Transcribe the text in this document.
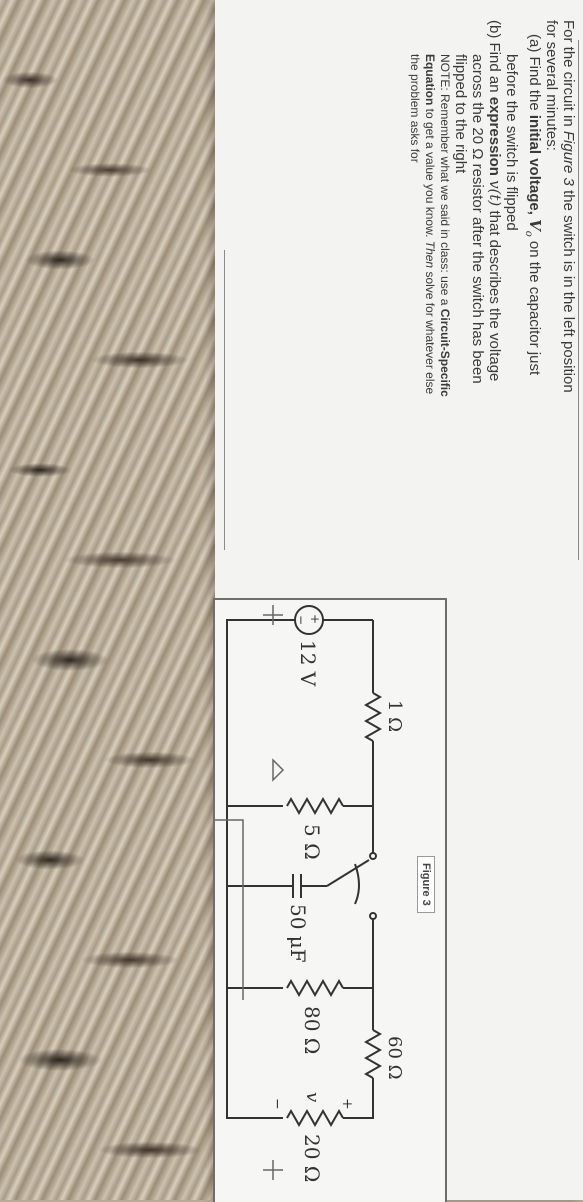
For the circuit in Figure 3 the switch is in the left position

for several minutes:

(a) Find the initial voltage, $V_o$ on the capacitor just

before the switch is flipped

(b) Find an expression v(t) that describes the voltage

across the 20 Ω resistor after the switch has been

flipped to the right

NOTE: Remember what we said in class: use a Circuit-Specific

Equation to get a value you know. Then solve for whatever else

the problem asks for

Figure 3
1 Ω
+
−
12 V
5 Ω
50 μF
80 Ω
60 Ω
v
+
−
20 Ω
